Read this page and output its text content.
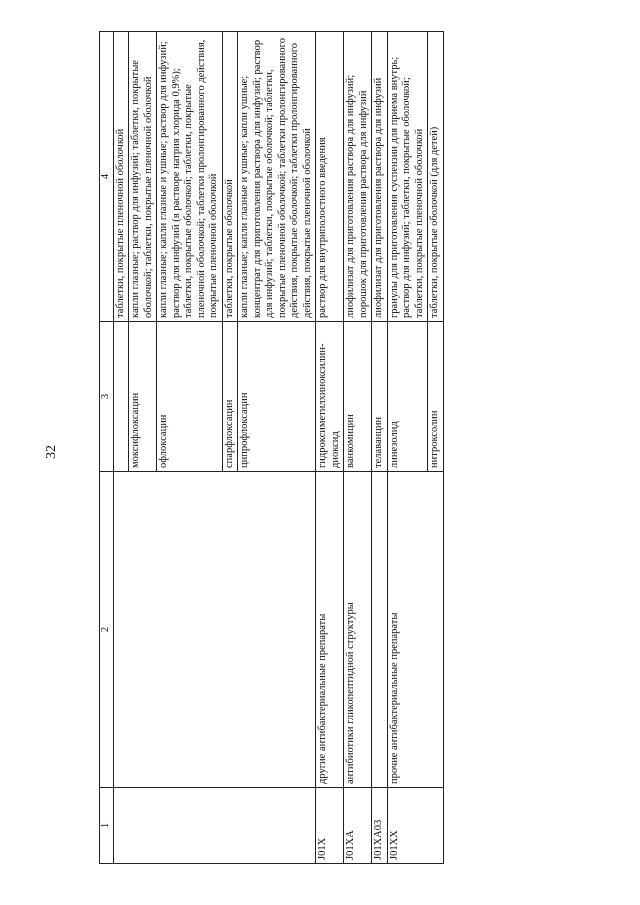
32
1	2	3	4
			таблетки, покрытые пленочной оболочкой
		моксифлоксацин	капли глазные; раствор для инфузий; таблетки, покрытые оболочкой; таблетки, покрытые пленочной оболочкой
		офлоксацин	капли глазные; капли глазные и ушные; раствор для инфузий; раствор для инфузий (в растворе натрия хлорида 0,9%); таблетки, покрытые оболочкой; таблетки, покрытые пленочной оболочкой; таблетки пролонгированного действия, покрытые пленочной оболочкой
		спарфлоксацин	таблетки, покрытые оболочкой
		ципрофлоксацин	капли глазные; капли глазные и ушные; капли ушные; концентрат для приготовления раствора для инфузий; раствор для инфузий; таблетки, покрытые оболочкой; таблетки, покрытые пленочной оболочкой; таблетки пролонгированного действия, покрытые оболочкой; таблетки пролонгированного действия, покрытые пленочной оболочкой
J01X	другие антибактериальные препараты	гидроксиметилхиноксилин-диоксид	раствор для внутриполостного введения
J01XA	антибиотики гликопептидной структуры	ванкомицин	лиофилизат для приготовления раствора для инфузий; порошок для приготовления раствора для инфузий
J01XA03		телаванцин	лиофилизат для приготовления раствора для инфузий
J01XX	прочие антибактериальные препараты	линезолид	гранулы для приготовления суспензии для приема внутрь; раствор для инфузий; таблетки, покрытые оболочкой; таблетки, покрытые пленочной оболочкой
		нитроксолин	таблетки, покрытые оболочкой (для детей)
